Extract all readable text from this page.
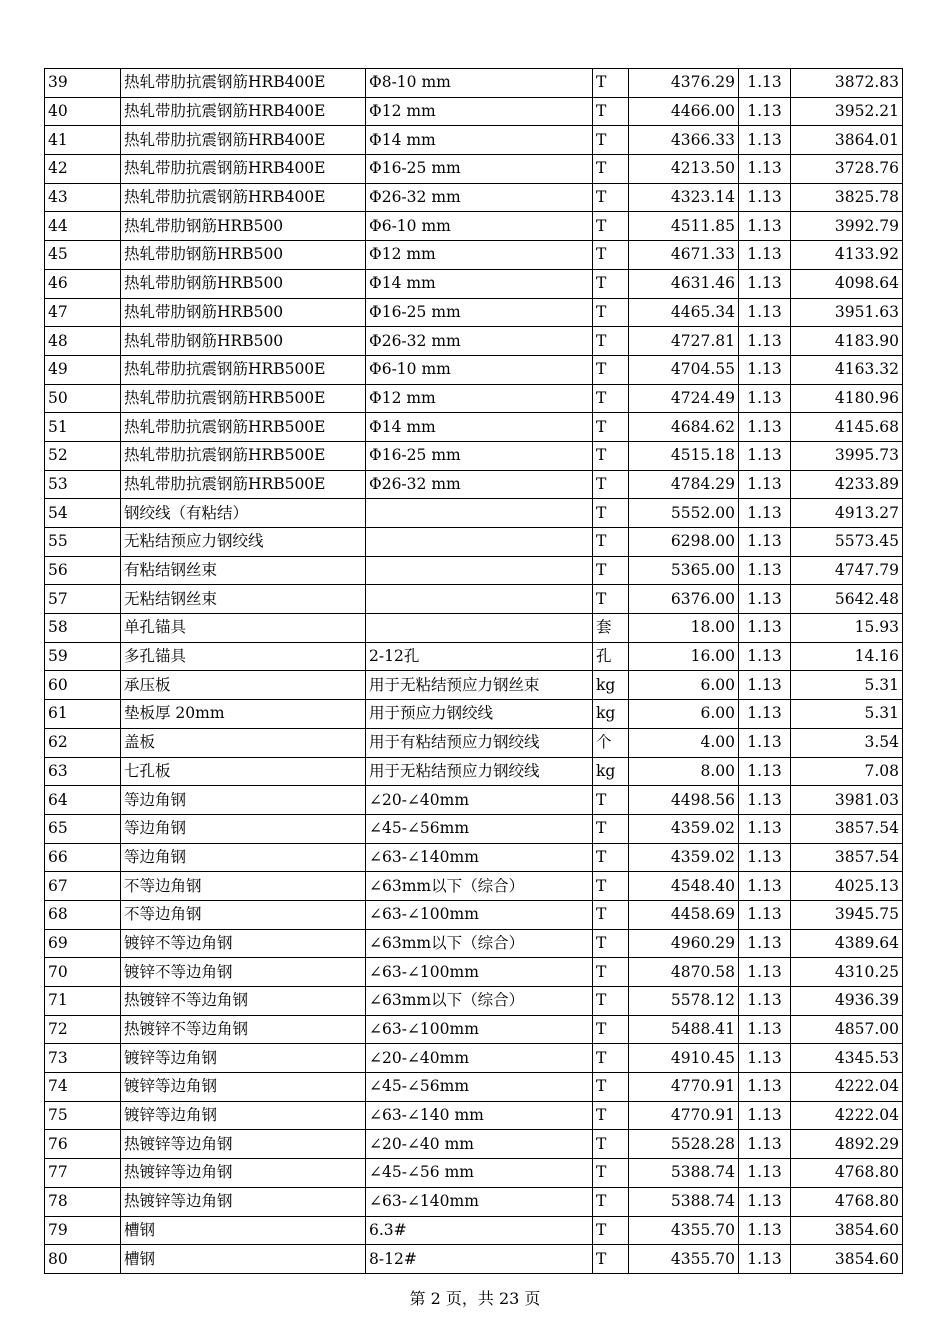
39	热轧带肋抗震钢筋HRB400E	Φ8-10 mm	T	4376.29	1.13	3872.83
40	热轧带肋抗震钢筋HRB400E	Φ12 mm	T	4466.00	1.13	3952.21
41	热轧带肋抗震钢筋HRB400E	Φ14 mm	T	4366.33	1.13	3864.01
42	热轧带肋抗震钢筋HRB400E	Φ16-25 mm	T	4213.50	1.13	3728.76
43	热轧带肋抗震钢筋HRB400E	Φ26-32 mm	T	4323.14	1.13	3825.78
44	热轧带肋钢筋HRB500	Φ6-10 mm	T	4511.85	1.13	3992.79
45	热轧带肋钢筋HRB500	Φ12 mm	T	4671.33	1.13	4133.92
46	热轧带肋钢筋HRB500	Φ14 mm	T	4631.46	1.13	4098.64
47	热轧带肋钢筋HRB500	Φ16-25 mm	T	4465.34	1.13	3951.63
48	热轧带肋钢筋HRB500	Φ26-32 mm	T	4727.81	1.13	4183.90
49	热轧带肋抗震钢筋HRB500E	Φ6-10 mm	T	4704.55	1.13	4163.32
50	热轧带肋抗震钢筋HRB500E	Φ12 mm	T	4724.49	1.13	4180.96
51	热轧带肋抗震钢筋HRB500E	Φ14 mm	T	4684.62	1.13	4145.68
52	热轧带肋抗震钢筋HRB500E	Φ16-25 mm	T	4515.18	1.13	3995.73
53	热轧带肋抗震钢筋HRB500E	Φ26-32 mm	T	4784.29	1.13	4233.89
54	钢绞线（有粘结）		T	5552.00	1.13	4913.27
55	无粘结预应力钢绞线		T	6298.00	1.13	5573.45
56	有粘结钢丝束		T	5365.00	1.13	4747.79
57	无粘结钢丝束		T	6376.00	1.13	5642.48
58	单孔锚具		套	18.00	1.13	15.93
59	多孔锚具	2-12孔	孔	16.00	1.13	14.16
60	承压板	用于无粘结预应力钢丝束	kg	6.00	1.13	5.31
61	垫板厚 20mm	用于预应力钢绞线	kg	6.00	1.13	5.31
62	盖板	用于有粘结预应力钢绞线	个	4.00	1.13	3.54
63	七孔板	用于无粘结预应力钢绞线	kg	8.00	1.13	7.08
64	等边角钢	∠20-∠40mm	T	4498.56	1.13	3981.03
65	等边角钢	∠45-∠56mm	T	4359.02	1.13	3857.54
66	等边角钢	∠63-∠140mm	T	4359.02	1.13	3857.54
67	不等边角钢	∠63mm以下（综合）	T	4548.40	1.13	4025.13
68	不等边角钢	∠63-∠100mm	T	4458.69	1.13	3945.75
69	镀锌不等边角钢	∠63mm以下（综合）	T	4960.29	1.13	4389.64
70	镀锌不等边角钢	∠63-∠100mm	T	4870.58	1.13	4310.25
71	热镀锌不等边角钢	∠63mm以下（综合）	T	5578.12	1.13	4936.39
72	热镀锌不等边角钢	∠63-∠100mm	T	5488.41	1.13	4857.00
73	镀锌等边角钢	∠20-∠40mm	T	4910.45	1.13	4345.53
74	镀锌等边角钢	∠45-∠56mm	T	4770.91	1.13	4222.04
75	镀锌等边角钢	∠63-∠140 mm	T	4770.91	1.13	4222.04
76	热镀锌等边角钢	∠20-∠40 mm	T	5528.28	1.13	4892.29
77	热镀锌等边角钢	∠45-∠56 mm	T	5388.74	1.13	4768.80
78	热镀锌等边角钢	∠63-∠140mm	T	5388.74	1.13	4768.80
79	槽钢	6.3#	T	4355.70	1.13	3854.60
80	槽钢	8-12#	T	4355.70	1.13	3854.60
第 2 页，共 23 页
